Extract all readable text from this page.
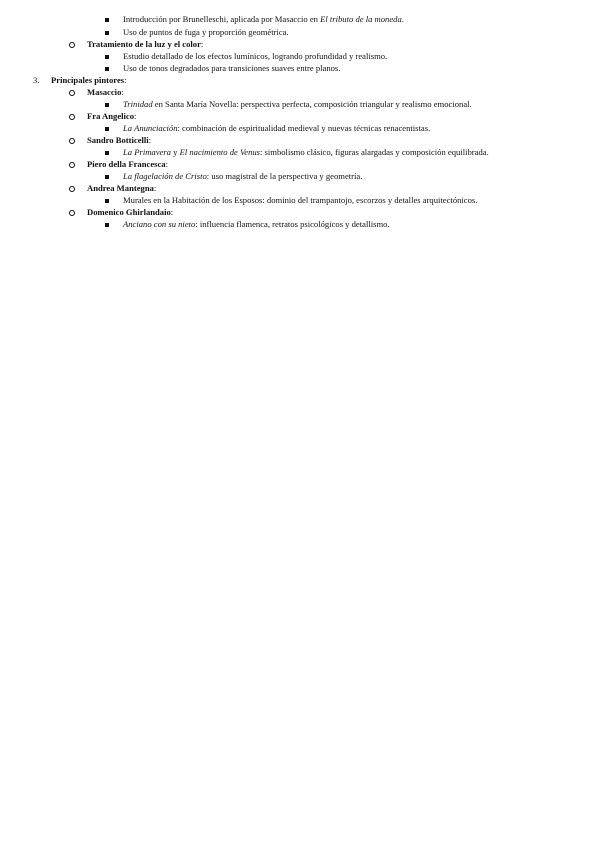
Introducción por Brunelleschi, aplicada por Masaccio en El tributo de la moneda.
Uso de puntos de fuga y proporción geométrica.
Tratamiento de la luz y el color:
Estudio detallado de los efectos lumínicos, logrando profundidad y realismo.
Uso de tonos degradados para transiciones suaves entre planos.
3. Principales pintores:
Masaccio:
Trinidad en Santa María Novella: perspectiva perfecta, composición triangular y realismo emocional.
Fra Angelico:
La Anunciación: combinación de espiritualidad medieval y nuevas técnicas renacentistas.
Sandro Botticelli:
La Primavera y El nacimiento de Venus: simbolismo clásico, figuras alargadas y composición equilibrada.
Piero della Francesca:
La flagelación de Cristo: uso magistral de la perspectiva y geometría.
Andrea Mantegna:
Murales en la Habitación de los Esposos: dominio del trampantojo, escorzos y detalles arquitectónicos.
Domenico Ghirlandaio:
Anciano con su nieto: influencia flamenca, retratos psicológicos y detallismo.
